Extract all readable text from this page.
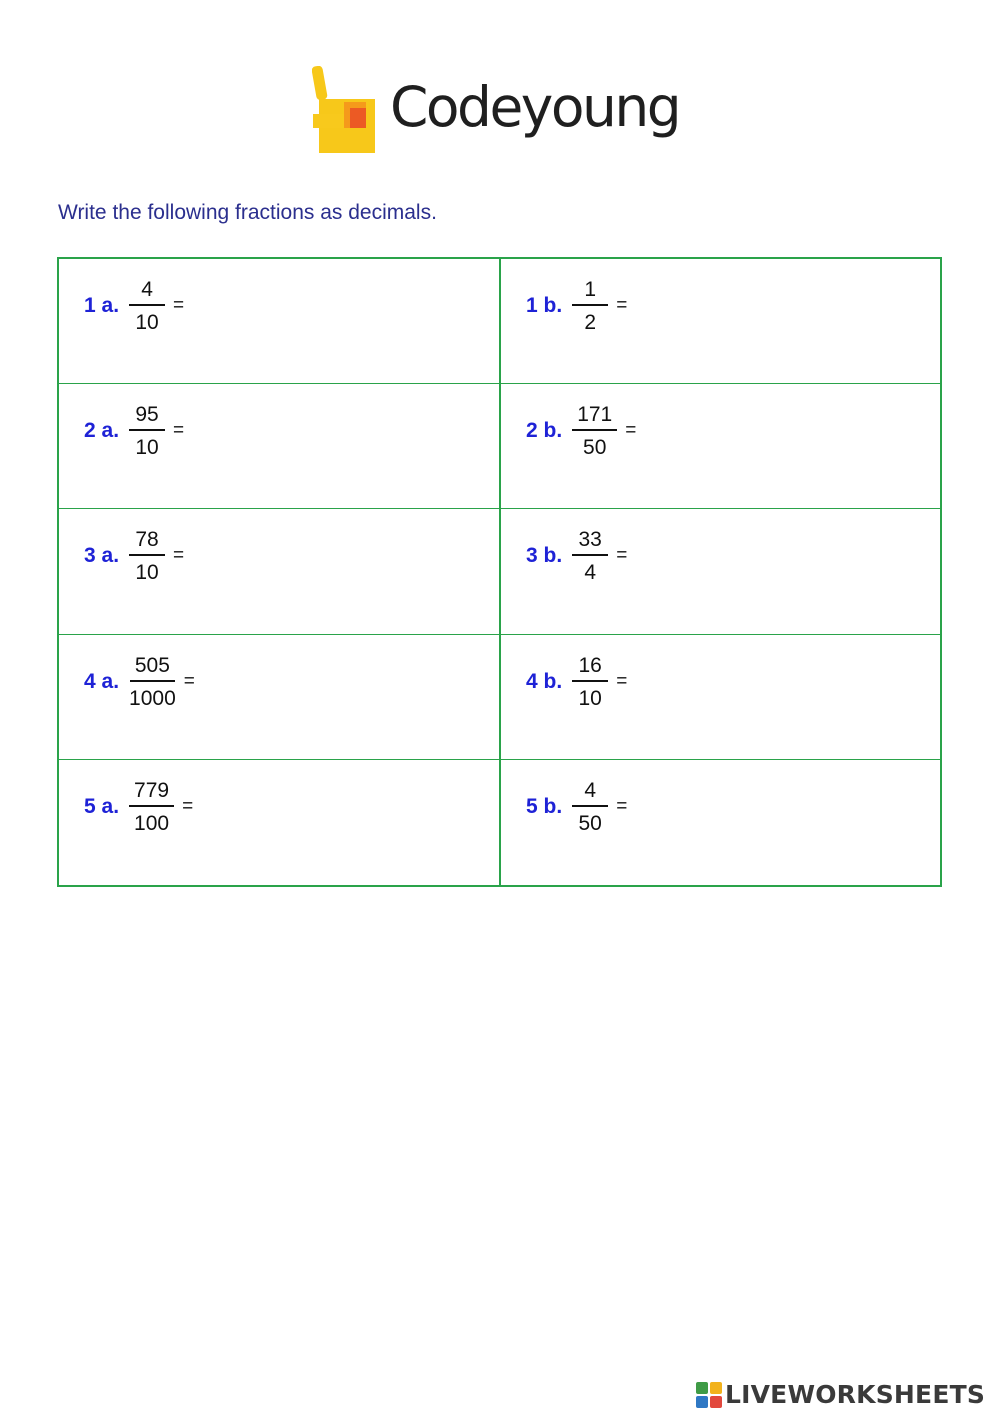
Codeyoung

Write the following fractions as decimals.

1 a. $\frac{4}{10}$ =	1 b. $\frac{1}{2}$ =
2 a. $\frac{95}{10}$ =	2 b. $\frac{171}{50}$ =
3 a. $\frac{78}{10}$ =	3 b. $\frac{33}{4}$ =
4 a. $\frac{505}{1000}$ =	4 b. $\frac{16}{10}$ =
5 a. $\frac{779}{100}$ =	5 b. $\frac{4}{50}$ =
LIVEWORKSHEETS
